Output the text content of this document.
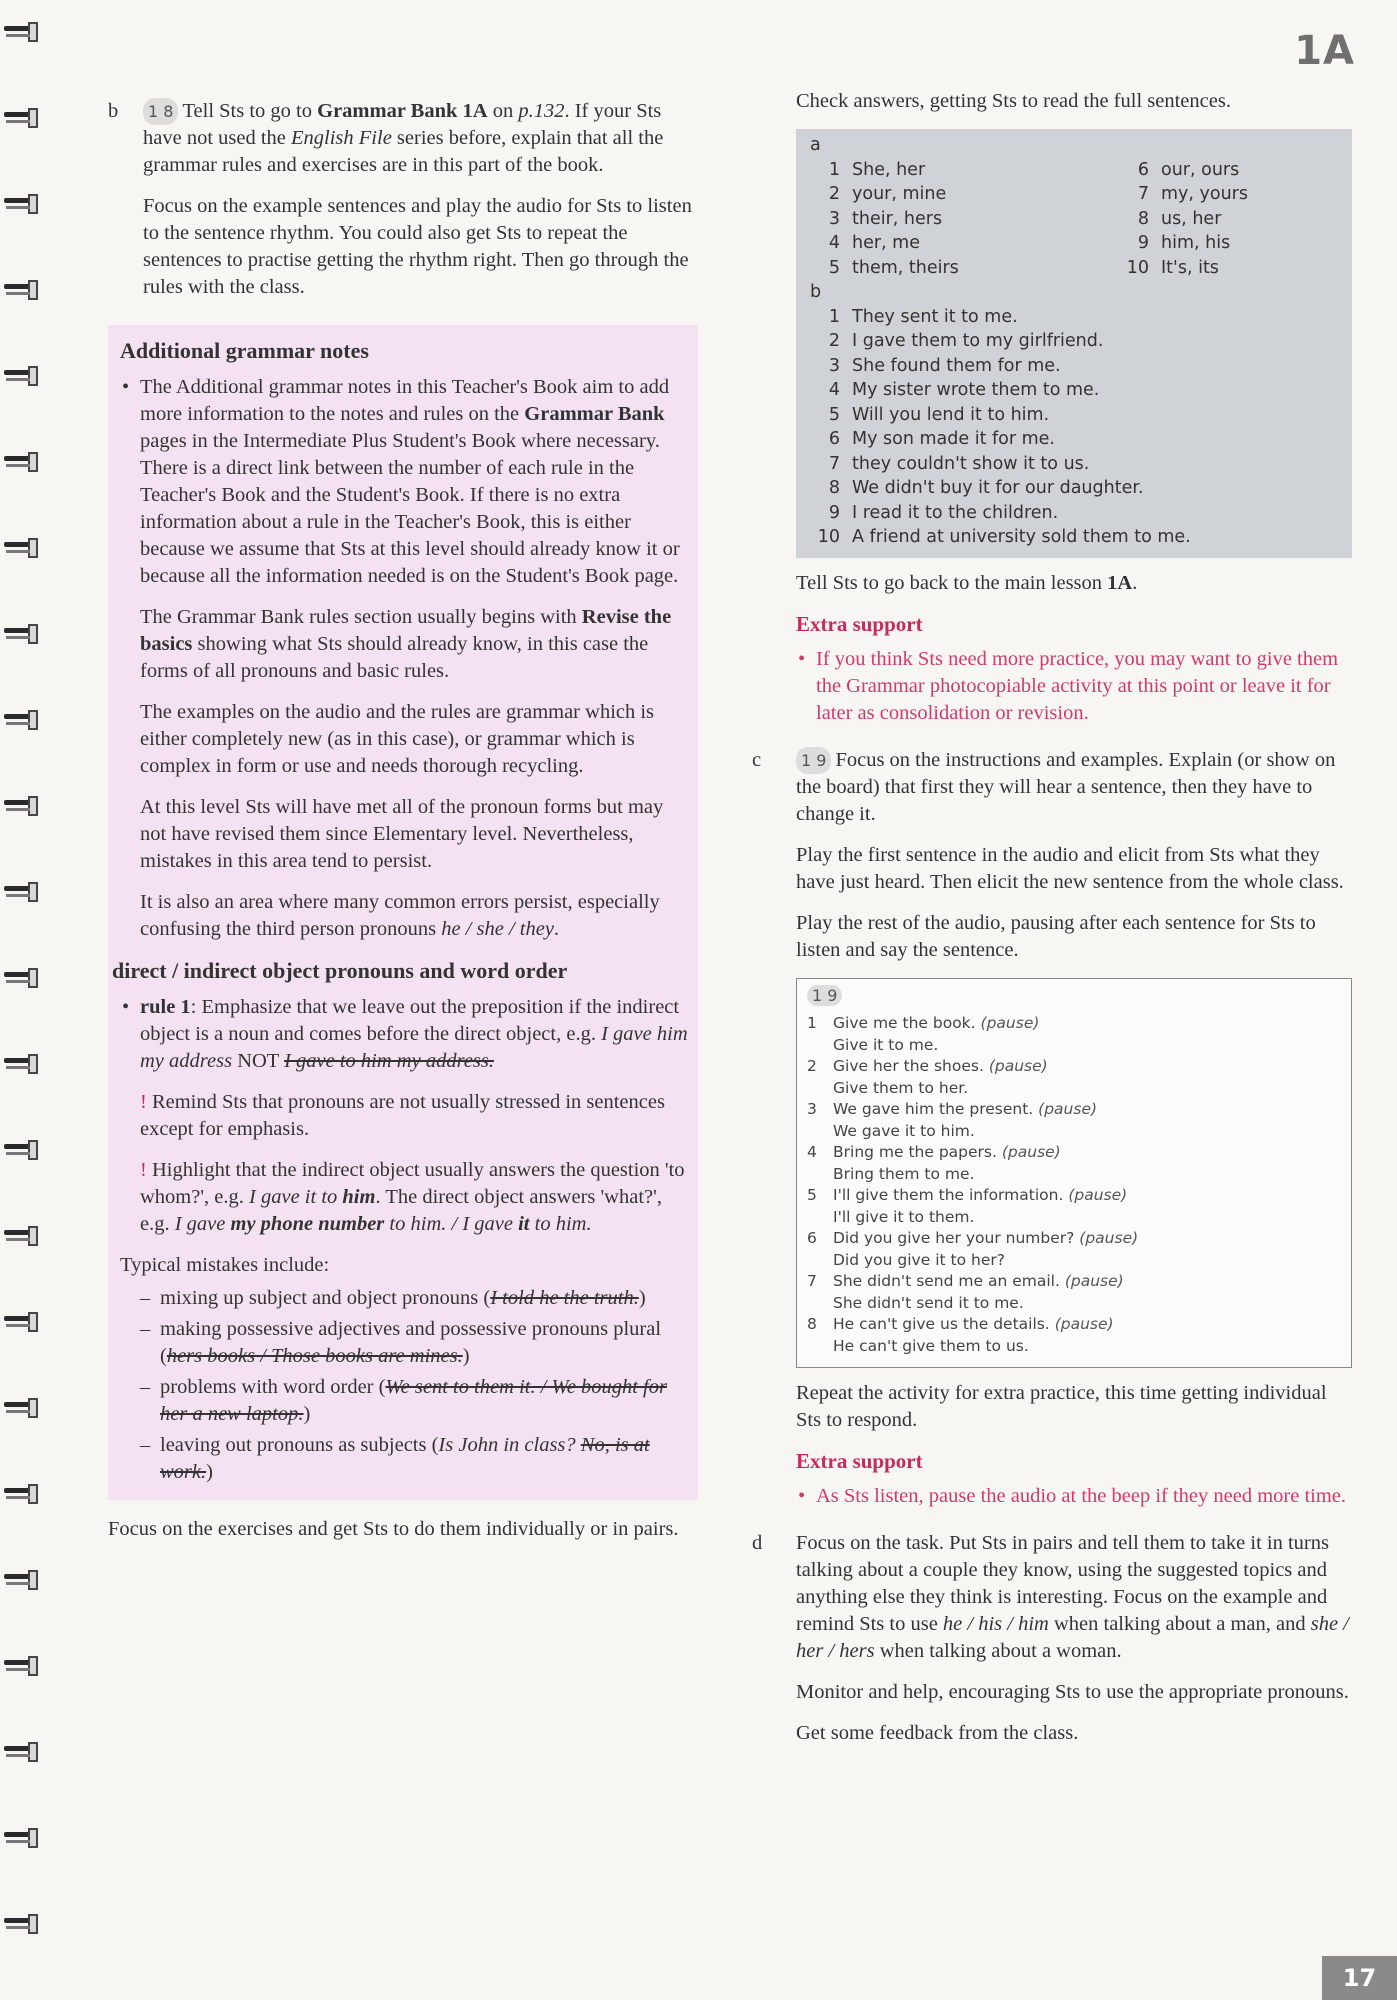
1A
b	1 8 Tell Sts to go to Grammar Bank 1A on p.132. If your Sts have not used the English File series before, explain that all the grammar rules and exercises are in this part of the book.

Focus on the example sentences and play the audio for Sts to listen to the sentence rhythm. You could also get Sts to repeat the sentences to practise getting the rhythm right. Then go through the rules with the class.

Additional grammar notes
• The Additional grammar notes in this Teacher's Book aim to add more information to the notes and rules on the Grammar Bank pages in the Intermediate Plus Student's Book where necessary. There is a direct link between the number of each rule in the Teacher's Book and the Student's Book. If there is no extra information about a rule in the Teacher's Book, this is either because we assume that Sts at this level should already know it or because all the information needed is on the Student's Book page.

The Grammar Bank rules section usually begins with Revise the basics showing what Sts should already know, in this case the forms of all pronouns and basic rules.

The examples on the audio and the rules are grammar which is either completely new (as in this case), or grammar which is complex in form or use and needs thorough recycling.

At this level Sts will have met all of the pronoun forms but may not have revised them since Elementary level. Nevertheless, mistakes in this area tend to persist.

It is also an area where many common errors persist, especially confusing the third person pronouns he / she / they.

direct / indirect object pronouns and word order
• rule 1: Emphasize that we leave out the preposition if the indirect object is a noun and comes before the direct object, e.g. I gave him my address NOT I gave to him my address.

! Remind Sts that pronouns are not usually stressed in sentences except for emphasis.

! Highlight that the indirect object usually answers the question 'to whom?', e.g. I gave it to him. The direct object answers 'what?', e.g. I gave my phone number to him. / I gave it to him.

Typical mistakes include:
– mixing up subject and object pronouns (I told he the truth.)
– making possessive adjectives and possessive pronouns plural (hers books / Those books are mines.)
– problems with word order (We sent to them it. / We bought for her a new laptop.)
– leaving out pronouns as subjects (Is John in class? No, is at work.)

Focus on the exercises and get Sts to do them individually or in pairs.

Check answers, getting Sts to read the full sentences.

a
1 She, her
2 your, mine
3 their, hers
4 her, me
5 them, theirs
6 our, ours
7 my, yours
8 us, her
9 him, his
10 It's, its
b
1 They sent it to me.
2 I gave them to my girlfriend.
3 She found them for me.
4 My sister wrote them to me.
5 Will you lend it to him.
6 My son made it for me.
7 they couldn't show it to us.
8 We didn't buy it for our daughter.
9 I read it to the children.
10 A friend at university sold them to me.

Tell Sts to go back to the main lesson 1A.

Extra support
• If you think Sts need more practice, you may want to give them the Grammar photocopiable activity at this point or leave it for later as consolidation or revision.
c	1 9 Focus on the instructions and examples. Explain (or show on the board) that first they will hear a sentence, then they have to change it.

Play the first sentence in the audio and elicit from Sts what they have just heard. Then elicit the new sentence from the whole class.

Play the rest of the audio, pausing after each sentence for Sts to listen and say the sentence.

1 9
1	Give me the book. (pause)
Give it to me.
2	Give her the shoes. (pause)
Give them to her.
3	We gave him the present. (pause)
We gave it to him.
4	Bring me the papers. (pause)
Bring them to me.
5	I'll give them the information. (pause)
I'll give it to them.
6	Did you give her your number? (pause)
Did you give it to her?
7	She didn't send me an email. (pause)
She didn't send it to me.
8	He can't give us the details. (pause)
He can't give them to us.

Repeat the activity for extra practice, this time getting individual Sts to respond.

Extra support
• As Sts listen, pause the audio at the beep if they need more time.
d	Focus on the task. Put Sts in pairs and tell them to take it in turns talking about a couple they know, using the suggested topics and anything else they think is interesting. Focus on the example and remind Sts to use he / his / him when talking about a man, and she / her / hers when talking about a woman.

Monitor and help, encouraging Sts to use the appropriate pronouns.

Get some feedback from the class.

17
